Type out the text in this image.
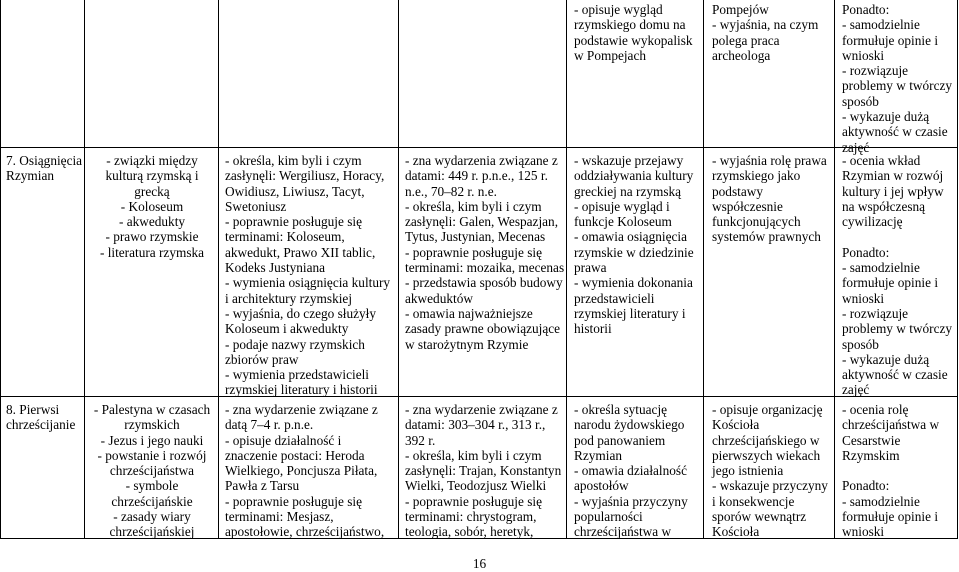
- opisuje wygląd
rzymskiego domu na
podstawie wykopalisk
w Pompejach
Pompejów
- wyjaśnia, na czym
polega praca
archeologa
Ponadto:
- samodzielnie
formułuje opinie i
wnioski
- rozwiązuje
problemy w twórczy
sposób
- wykazuje dużą
aktywność w czasie
zajęć
7. Osiągnięcia
Rzymian
- związki między
kulturą rzymską i
grecką
- Koloseum
- akwedukty
- prawo rzymskie
- literatura rzymska
- określa, kim byli i czym
zasłynęli: Wergiliusz, Horacy,
Owidiusz, Liwiusz, Tacyt,
Swetoniusz
- poprawnie posługuje się
terminami: Koloseum,
akwedukt, Prawo XII tablic,
Kodeks Justyniana
- wymienia osiągnięcia kultury
i architektury rzymskiej
- wyjaśnia, do czego służyły
Koloseum i akwedukty
- podaje nazwy rzymskich
zbiorów praw
- wymienia przedstawicieli
rzymskiej literatury i historii
- zna wydarzenia związane z
datami: 449 r. p.n.e., 125 r.
n.e., 70–82 r. n.e.
- określa, kim byli i czym
zasłynęli: Galen, Wespazjan,
Tytus, Justynian, Mecenas
- poprawnie posługuje się
terminami: mozaika, mecenas
- przedstawia sposób budowy
akweduktów
- omawia najważniejsze
zasady prawne obowiązujące
w starożytnym Rzymie
- wskazuje przejawy
oddziaływania kultury
greckiej na rzymską
- opisuje wygląd i
funkcje Koloseum
- omawia osiągnięcia
rzymskie w dziedzinie
prawa
- wymienia dokonania
przedstawicieli
rzymskiej literatury i
historii
- wyjaśnia rolę prawa
rzymskiego jako
podstawy
współczesnie
funkcjonujących
systemów prawnych
- ocenia wkład
Rzymian w rozwój
kultury i jej wpływ
na współczesną
cywilizację
Ponadto:
- samodzielnie
formułuje opinie i
wnioski
- rozwiązuje
problemy w twórczy
sposób
- wykazuje dużą
aktywność w czasie
zajęć
8. Pierwsi
chrześcijanie
- Palestyna w czasach
rzymskich
- Jezus i jego nauki
- powstanie i rozwój
chrześcijaństwa
- symbole
chrześcijańskie
- zasady wiary
chrześcijańskiej
- zna wydarzenie związane z
datą 7–4 r. p.n.e.
- opisuje działalność i
znaczenie postaci: Heroda
Wielkiego, Poncjusza Piłata,
Pawła z Tarsu
- poprawnie posługuje się
terminami: Mesjasz,
apostołowie, chrześcijaństwo,
- zna wydarzenie związane z
datami: 303–304 r., 313 r.,
392 r.
- określa, kim byli i czym
zasłynęli: Trajan, Konstantyn
Wielki, Teodozjusz Wielki
- poprawnie posługuje się
terminami: chrystogram,
teologia, sobór, heretyk,
- określa sytuację
narodu żydowskiego
pod panowaniem
Rzymian
- omawia działalność
apostołów
- wyjaśnia przyczyny
popularności
chrześcijaństwa w
- opisuje organizację
Kościoła
chrześcijańskiego w
pierwszych wiekach
jego istnienia
- wskazuje przyczyny
i konsekwencje
sporów wewnątrz
Kościoła
- ocenia rolę
chrześcijaństwa w
Cesarstwie
Rzymskim
Ponadto:
- samodzielnie
formułuje opinie i
wnioski
16
